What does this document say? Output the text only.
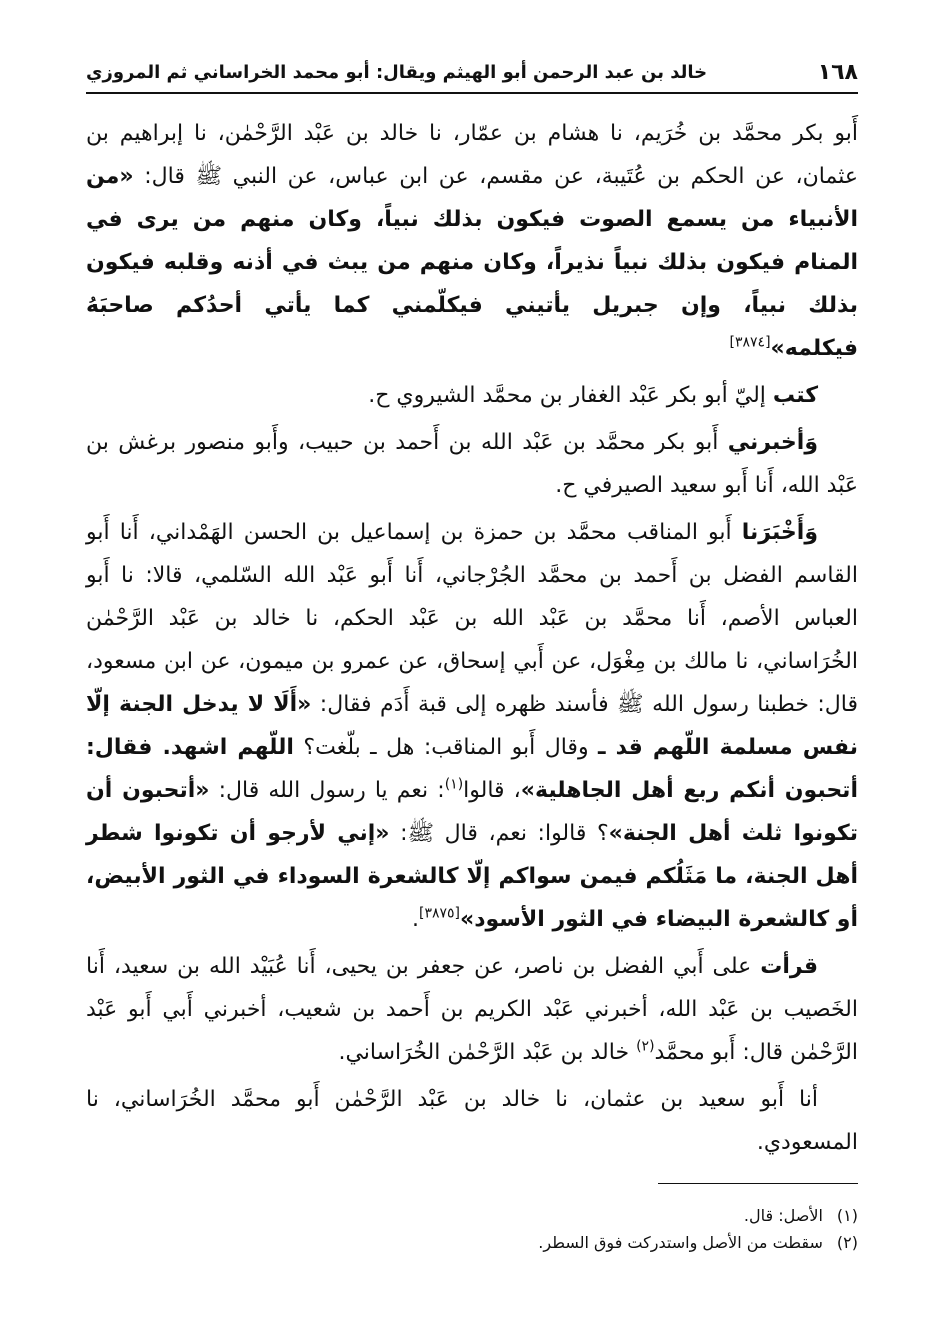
١٦٨
خالد بن عبد الرحمن أبو الهيثم ويقال: أبو محمد الخراساني ثم المروزي

أَبو بكر محمَّد بن خُرَيم، نا هشام بن عمّار، نا خالد بن عَبْد الرَّحْمٰن، نا إبراهيم بن عثمان، عن الحكم بن عُتَيبة، عن مقسم، عن ابن عباس، عن النبي ﷺ قال: «من الأنبياء من يسمع الصوت فيكون بذلك نبياً، وكان منهم من يرى في المنام فيكون بذلك نبياً نذيراً، وكان منهم من يبث في أذنه وقلبه فيكون بذلك نبياً، وإن جبريل يأتيني فيكلّمني كما يأتي أحدُكم صاحبَهُ فيكلمه»[٣٨٧٤]

كتب إليّ أبو بكر عَبْد الغفار بن محمَّد الشيروي ح.

وَأخبرني أَبو بكر محمَّد بن عَبْد الله بن أَحمد بن حبيب، وأَبو منصور برغش بن عَبْد الله، أَنا أَبو سعيد الصيرفي ح.

وَأَخْبَرَنا أَبو المناقب محمَّد بن حمزة بن إسماعيل بن الحسن الهَمْداني، أَنا أَبو القاسم الفضل بن أَحمد بن محمَّد الجُرْجاني، أَنا أَبو عَبْد الله السّلمي، قالا: نا أَبو العباس الأصم، أَنا محمَّد بن عَبْد الله بن عَبْد الحكم، نا خالد بن عَبْد الرَّحْمٰن الخُرَاساني، نا مالك بن مِغْوَل، عن أَبي إسحاق، عن عمرو بن ميمون، عن ابن مسعود، قال: خطبنا رسول الله ﷺ فأسند ظهره إلى قبة أَدَم فقال: «أَلَا لا يدخل الجنة إلّا نفس مسلمة اللّهم قد ـ وقال أَبو المناقب: هل ـ بلّغت؟ اللّهم اشهد. فقال: أتحبون أنكم ربع أهل الجاهلية»، قالوا$^{(١)}$: نعم يا رسول الله قال: «أتحبون أن تكونوا ثلث أهل الجنة»؟ قالوا: نعم، قال ﷺ: «إني لأرجو أن تكونوا شطر أهل الجنة، ما مَثَلُكم فيمن سواكم إلّا كالشعرة السوداء في الثور الأبيض، أو كالشعرة البيضاء في الثور الأسود»[٣٨٧٥].

قرأت على أَبي الفضل بن ناصر، عن جعفر بن يحيى، أَنا عُبَيْد الله بن سعيد، أَنا الخَصيب بن عَبْد الله، أخبرني عَبْد الكريم بن أَحمد بن شعيب، أخبرني أَبي أَبو عَبْد الرَّحْمٰن قال: أَبو محمَّد$^{(٢)}$ خالد بن عَبْد الرَّحْمٰن الخُرَاساني.

أنا أَبو سعيد بن عثمان، نا خالد بن عَبْد الرَّحْمٰن أَبو محمَّد الخُرَاساني، نا المسعودي.

(١)
الأصل: قال.
(٢)
سقطت من الأصل واستدركت فوق السطر.
